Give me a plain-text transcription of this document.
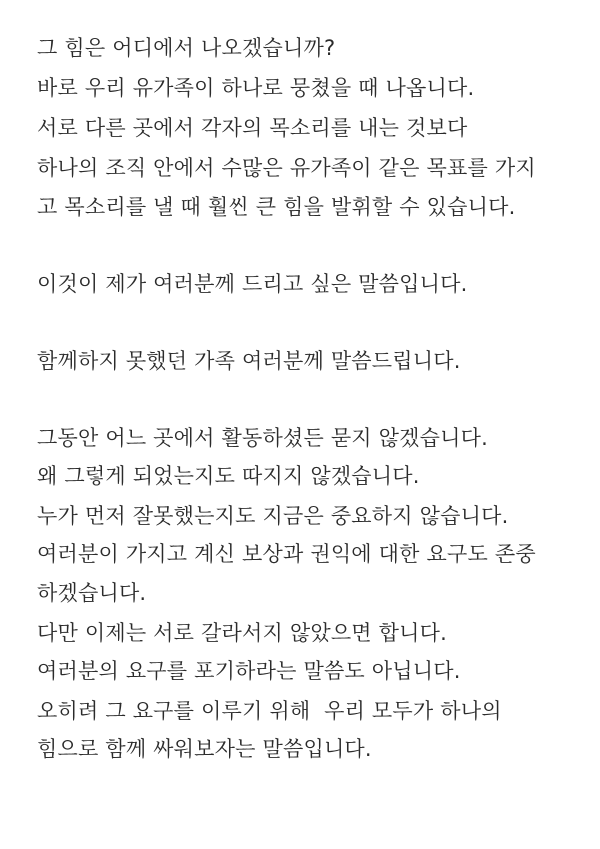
그 힘은 어디에서 나오겠습니까?
바로 우리 유가족이 하나로 뭉쳤을 때 나옵니다.
서로 다른 곳에서 각자의 목소리를 내는 것보다
하나의 조직 안에서 수많은 유가족이 같은 목표를 가지
고 목소리를 낼 때 훨씬 큰 힘을 발휘할 수 있습니다.
이것이 제가 여러분께 드리고 싶은 말씀입니다.
함께하지 못했던 가족 여러분께 말씀드립니다.
그동안 어느 곳에서 활동하셨든 묻지 않겠습니다.
왜 그렇게 되었는지도 따지지 않겠습니다.
누가 먼저 잘못했는지도 지금은 중요하지 않습니다.
여러분이 가지고 계신 보상과 권익에 대한 요구도 존중
하겠습니다.
다만 이제는 서로 갈라서지 않았으면 합니다.
여러분의 요구를 포기하라는 말씀도 아닙니다.
오히려 그 요구를 이루기 위해  우리 모두가 하나의
힘으로 함께 싸워보자는 말씀입니다.
